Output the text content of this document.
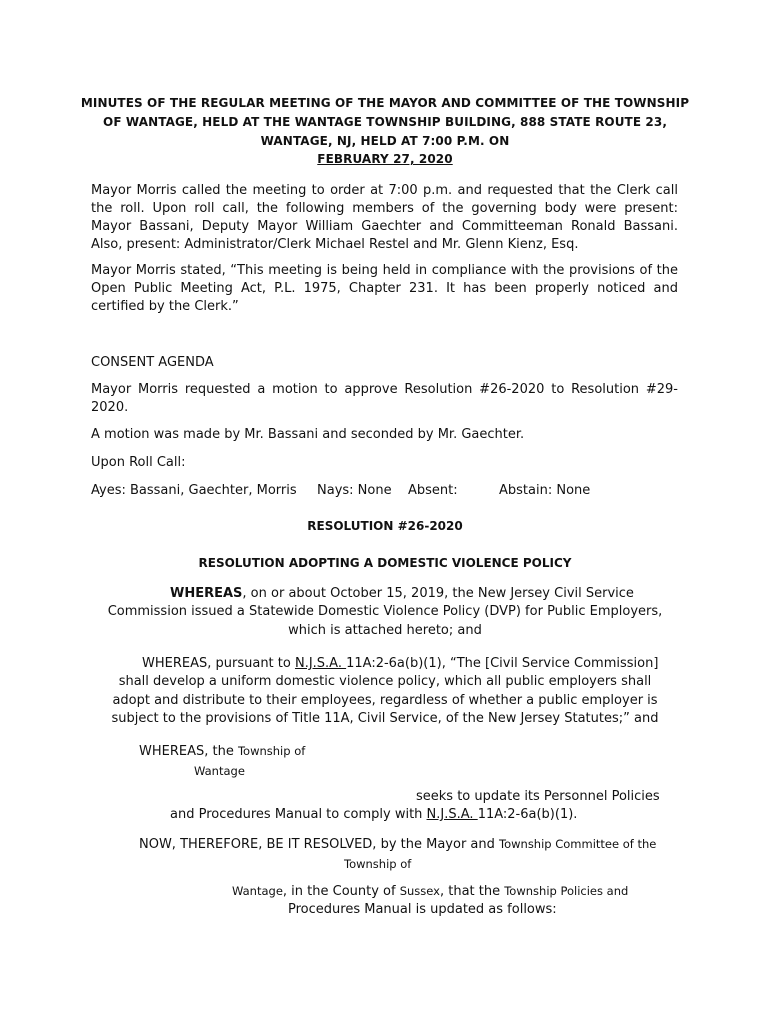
MINUTES OF THE REGULAR MEETING OF THE MAYOR AND COMMITTEE OF THE TOWNSHIP
OF WANTAGE, HELD AT THE WANTAGE TOWNSHIP BUILDING, 888 STATE ROUTE 23,
WANTAGE, NJ, HELD AT 7:00 P.M. ON
FEBRUARY 27, 2020
Mayor Morris called the meeting to order at 7:00 p.m. and requested that the Clerk call
the roll. Upon roll call, the following members of the governing body were present:
Mayor Bassani, Deputy Mayor William Gaechter and Committeeman Ronald Bassani.
Also, present: Administrator/Clerk Michael Restel and Mr. Glenn Kienz, Esq.
Mayor Morris stated, “This meeting is being held in compliance with the provisions of the
Open Public Meeting Act, P.L. 1975, Chapter 231. It has been properly noticed and
certified by the Clerk.”
CONSENT AGENDA
Mayor Morris requested a motion to approve Resolution #26-2020 to Resolution #29-
2020.
A motion was made by Mr. Bassani and seconded by Mr. Gaechter.
Upon Roll Call:
Ayes: Bassani, Gaechter, Morris Nays: None Absent:	Abstain: None
RESOLUTION #26-2020
RESOLUTION ADOPTING A DOMESTIC VIOLENCE POLICY
WHEREAS, on or about October 15, 2019, the New Jersey Civil Service
Commission issued a Statewide Domestic Violence Policy (DVP) for Public Employers,
which is attached hereto; and
WHEREAS, pursuant to N.J.S.A. 11A:2-6a(b)(1), “The [Civil Service Commission]
shall develop a uniform domestic violence policy, which all public employers shall
adopt and distribute to their employees, regardless of whether a public employer is
subject to the provisions of Title 11A, Civil Service, of the New Jersey Statutes;” and
WHEREAS, the Township of
Wantage
seeks to update its Personnel Policies
and Procedures Manual to comply with N.J.S.A. 11A:2-6a(b)(1).
NOW, THEREFORE, BE IT RESOLVED, by the Mayor and Township Committee of the
Township of
Wantage, in the County of Sussex, that the Township Policies and
Procedures Manual is updated as follows:
